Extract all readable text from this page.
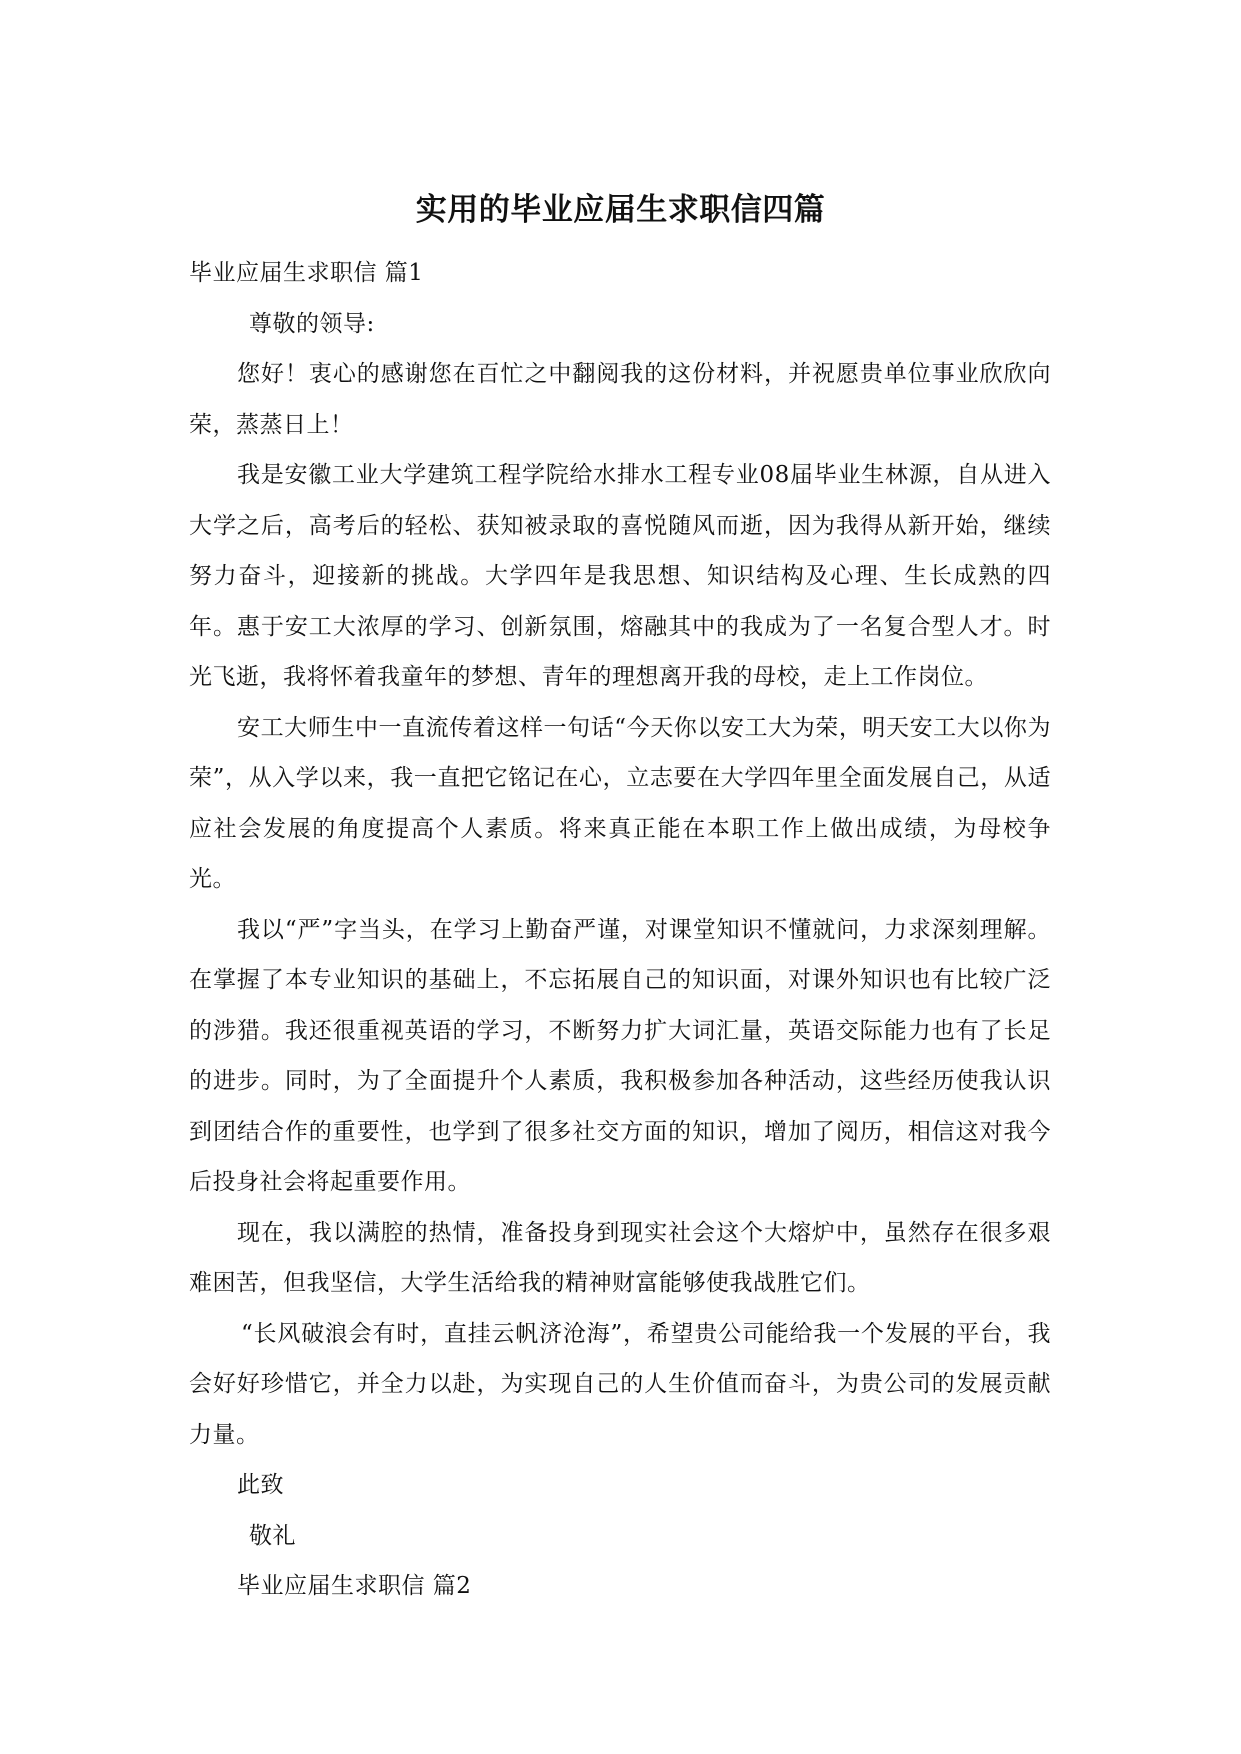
实用的毕业应届生求职信四篇

毕业应届生求职信 篇1

尊敬的领导:

您好！衷心的感谢您在百忙之中翻阅我的这份材料，并祝愿贵单位事业欣欣向荣，蒸蒸日上！

我是安徽工业大学建筑工程学院给水排水工程专业08届毕业生林源，自从进入大学之后，高考后的轻松、获知被录取的喜悦随风而逝，因为我得从新开始，继续努力奋斗，迎接新的挑战。大学四年是我思想、知识结构及心理、生长成熟的四年。惠于安工大浓厚的学习、创新氛围，熔融其中的我成为了一名复合型人才。时光飞逝，我将怀着我童年的梦想、青年的理想离开我的母校，走上工作岗位。

安工大师生中一直流传着这样一句话“今天你以安工大为荣，明天安工大以你为荣”，从入学以来，我一直把它铭记在心，立志要在大学四年里全面发展自己，从适应社会发展的角度提高个人素质。将来真正能在本职工作上做出成绩，为母校争光。

我以“严”字当头，在学习上勤奋严谨，对课堂知识不懂就问，力求深刻理解。在掌握了本专业知识的基础上，不忘拓展自己的知识面，对课外知识也有比较广泛的涉猎。我还很重视英语的学习，不断努力扩大词汇量，英语交际能力也有了长足的进步。同时，为了全面提升个人素质，我积极参加各种活动，这些经历使我认识到团结合作的重要性，也学到了很多社交方面的知识，增加了阅历，相信这对我今后投身社会将起重要作用。

现在，我以满腔的热情，准备投身到现实社会这个大熔炉中，虽然存在很多艰难困苦，但我坚信，大学生活给我的精神财富能够使我战胜它们。

“长风破浪会有时，直挂云帆济沧海”，希望贵公司能给我一个发展的平台，我会好好珍惜它，并全力以赴，为实现自己的人生价值而奋斗，为贵公司的发展贡献力量。

此致

敬礼

毕业应届生求职信 篇2
